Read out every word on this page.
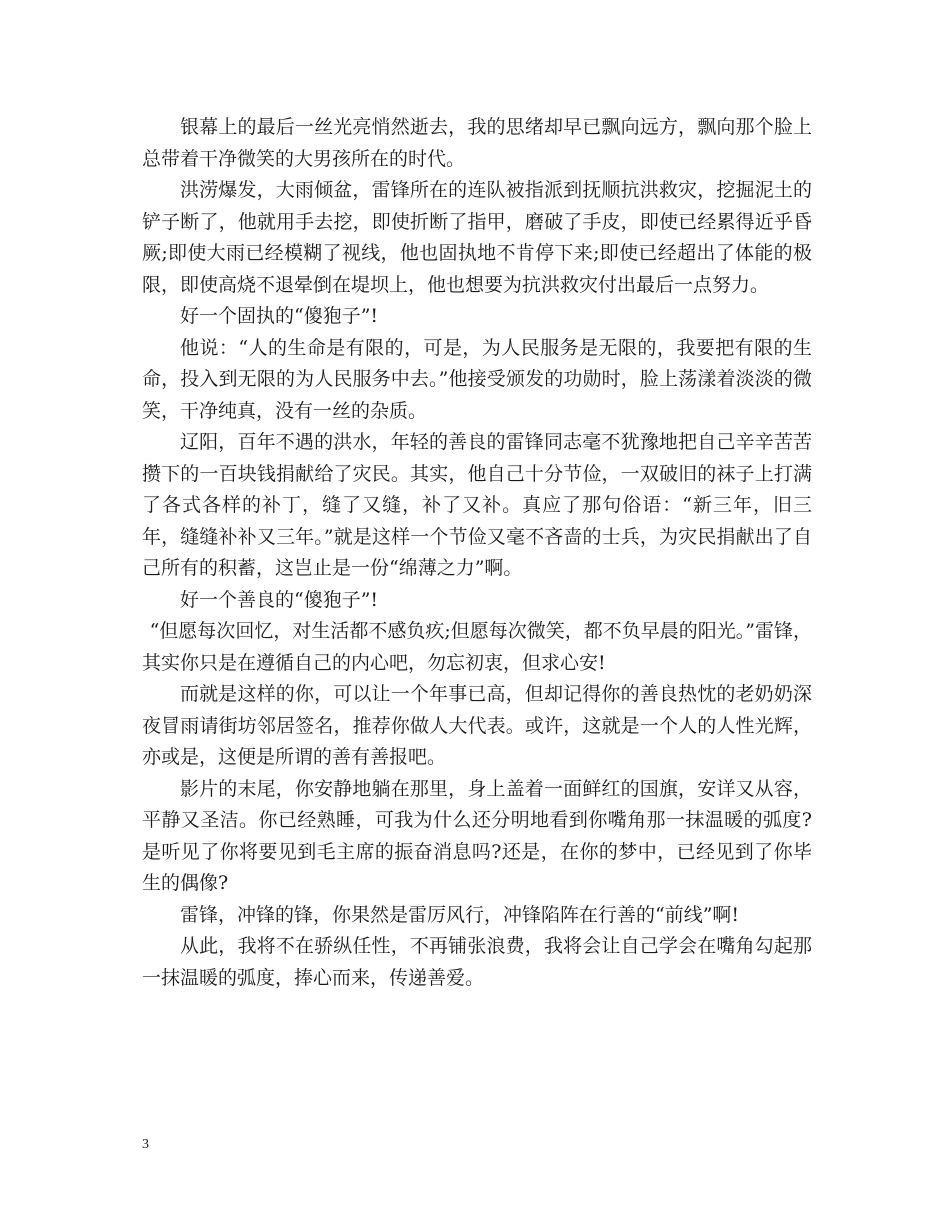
银幕上的最后一丝光亮悄然逝去，我的思绪却早已飘向远方，飘向那个脸上总带着干净微笑的大男孩所在的时代。

洪涝爆发，大雨倾盆，雷锋所在的连队被指派到抚顺抗洪救灾，挖掘泥土的铲子断了，他就用手去挖，即使折断了指甲，磨破了手皮，即使已经累得近乎昏厥;即使大雨已经模糊了视线，他也固执地不肯停下来;即使已经超出了体能的极限，即使高烧不退晕倒在堤坝上，他也想要为抗洪救灾付出最后一点努力。

好一个固执的“傻狍子”!

他说：“人的生命是有限的，可是，为人民服务是无限的，我要把有限的生命，投入到无限的为人民服务中去。”他接受颁发的功勋时，脸上荡漾着淡淡的微笑，干净纯真，没有一丝的杂质。

辽阳，百年不遇的洪水，年轻的善良的雷锋同志毫不犹豫地把自己辛辛苦苦攒下的一百块钱捐献给了灾民。其实，他自己十分节俭，一双破旧的袜子上打满了各式各样的补丁，缝了又缝，补了又补。真应了那句俗语：“新三年，旧三年，缝缝补补又三年。”就是这样一个节俭又毫不吝啬的士兵，为灾民捐献出了自己所有的积蓄，这岂止是一份“绵薄之力”啊。

好一个善良的“傻狍子”!

“但愿每次回忆，对生活都不感负疚;但愿每次微笑，都不负早晨的阳光。”雷锋，其实你只是在遵循自己的内心吧，勿忘初衷，但求心安!

而就是这样的你，可以让一个年事已高，但却记得你的善良热忱的老奶奶深夜冒雨请街坊邻居签名，推荐你做人大代表。或许，这就是一个人的人性光辉，亦或是，这便是所谓的善有善报吧。

影片的末尾，你安静地躺在那里，身上盖着一面鲜红的国旗，安详又从容，平静又圣洁。你已经熟睡，可我为什么还分明地看到你嘴角那一抹温暖的弧度?是听见了你将要见到毛主席的振奋消息吗?还是，在你的梦中，已经见到了你毕生的偶像?

雷锋，冲锋的锋，你果然是雷厉风行，冲锋陷阵在行善的“前线”啊!

从此，我将不在骄纵任性，不再铺张浪费，我将会让自己学会在嘴角勾起那一抹温暖的弧度，捧心而来，传递善爱。

3
